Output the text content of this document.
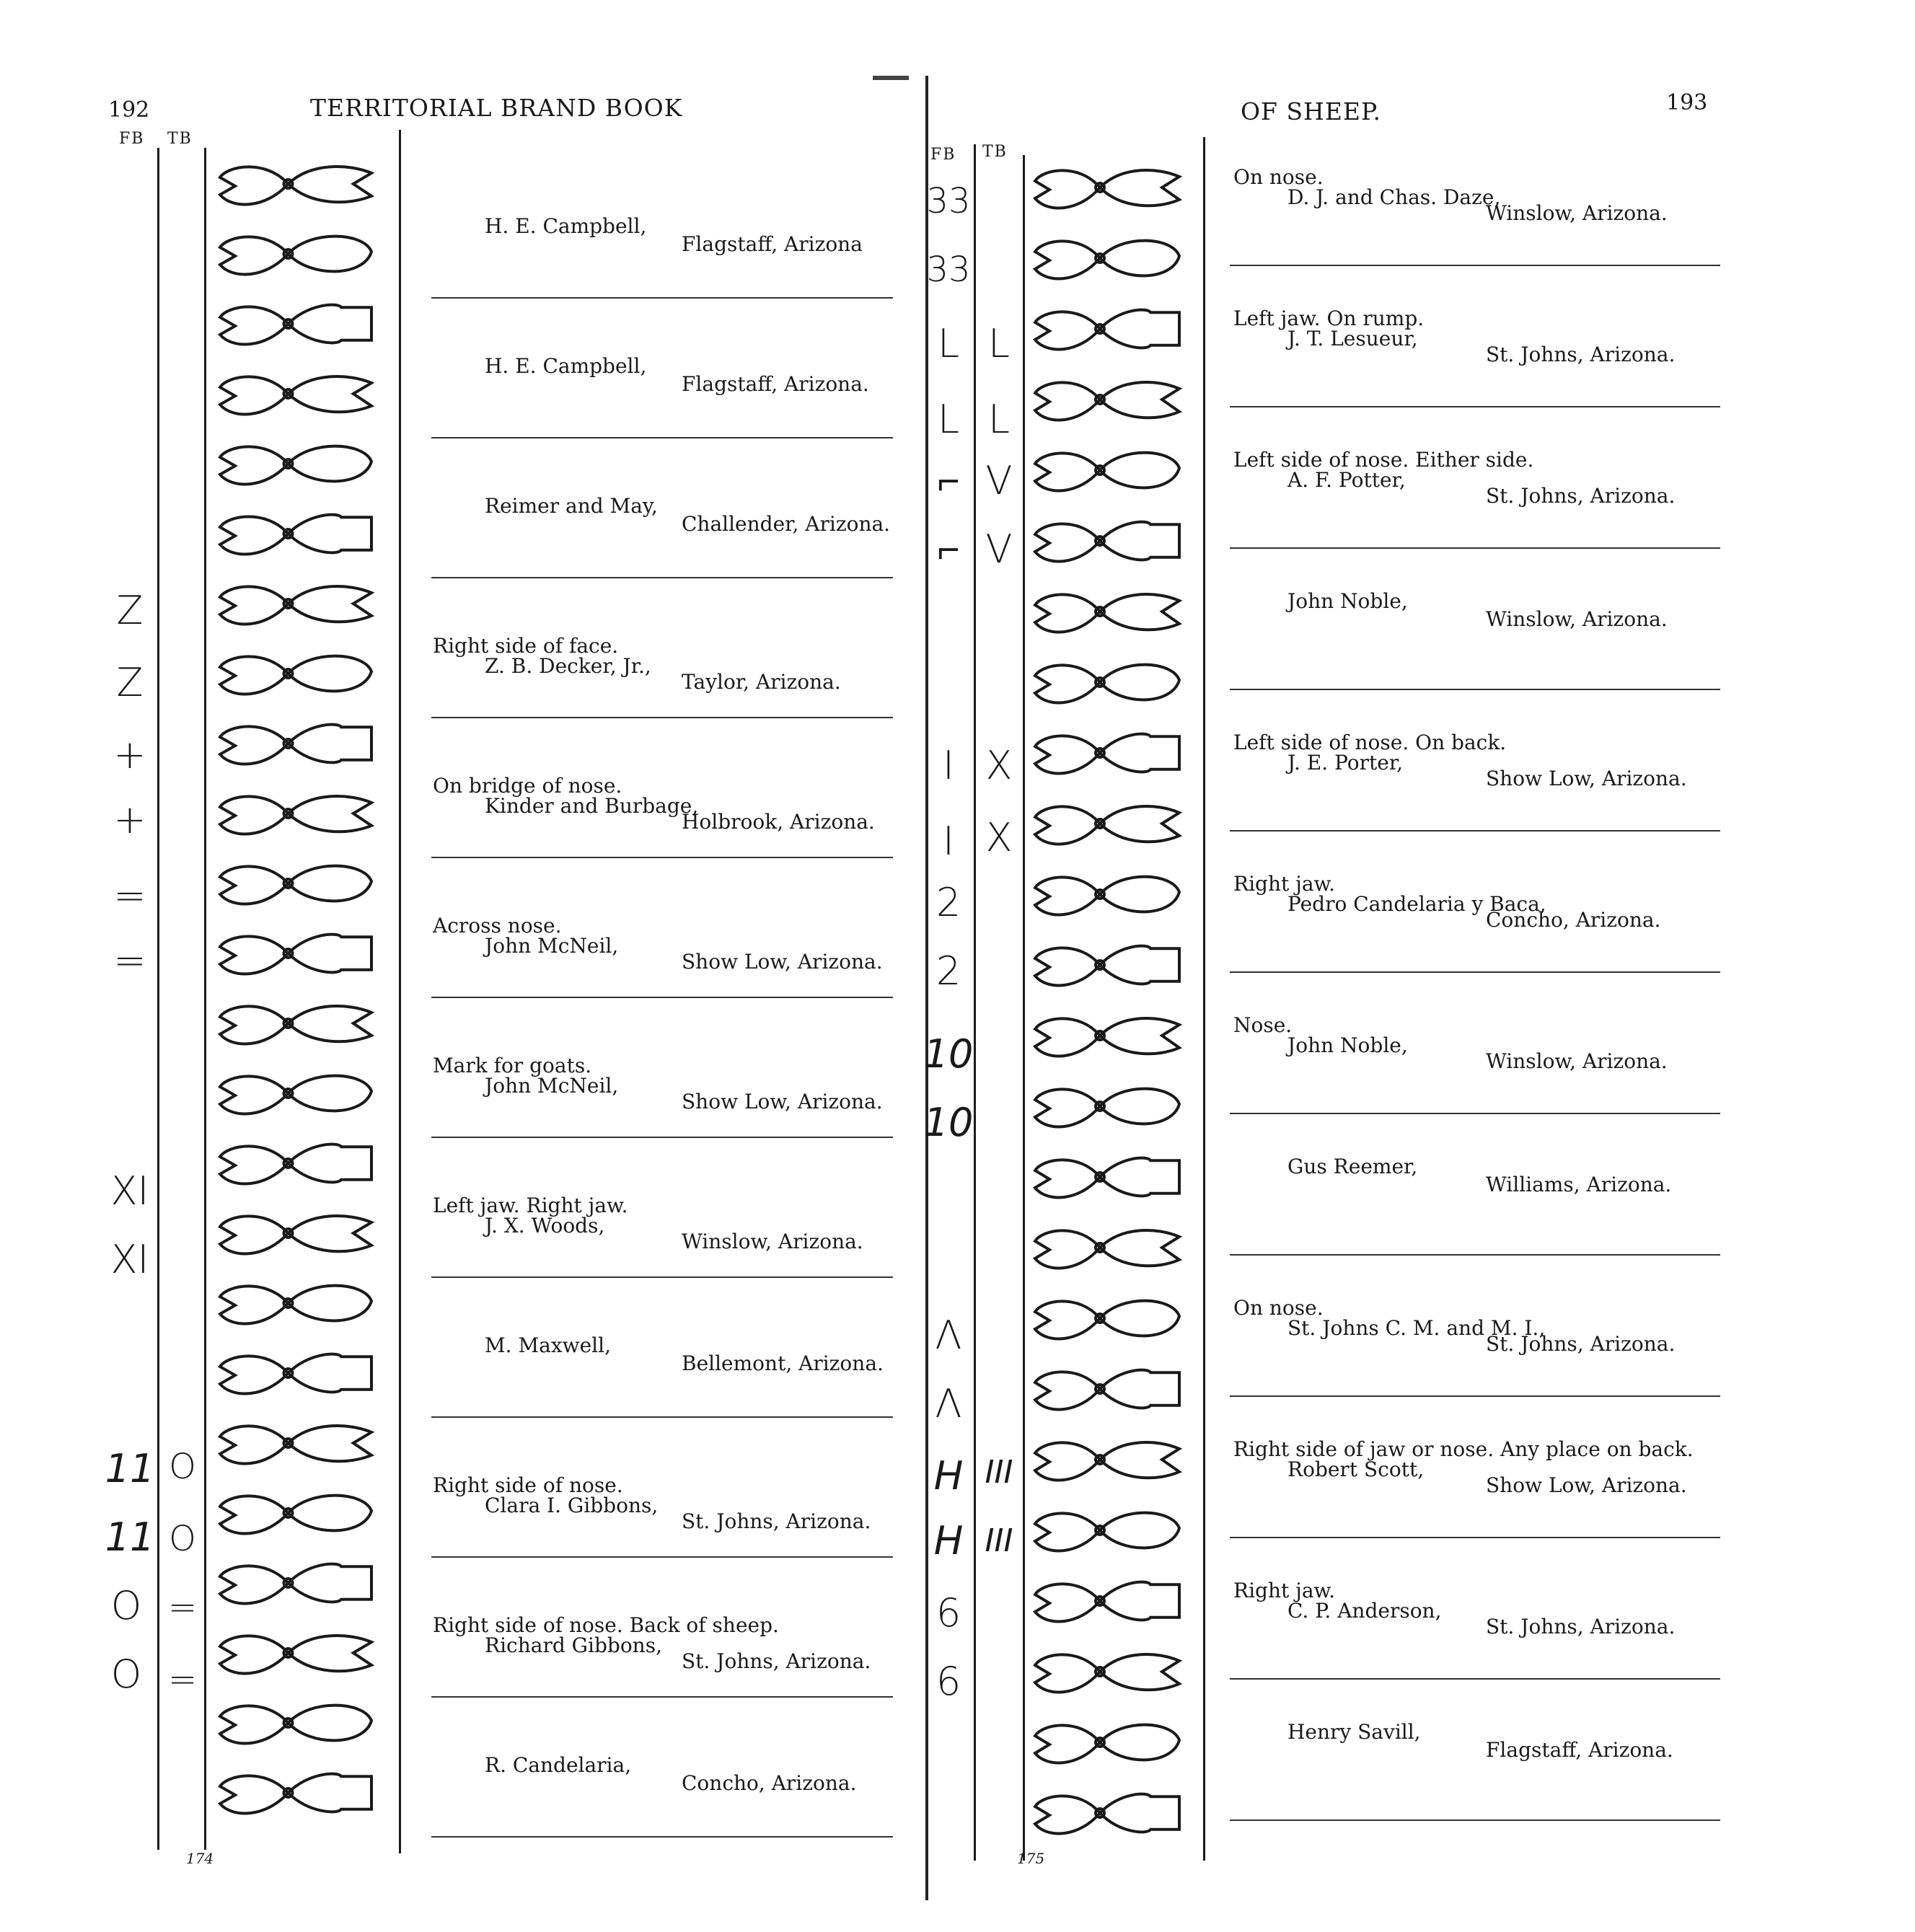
192	TERRITORIAL BRAND BOOK
FB TB
Z
Z
+
+
=
=
XI
XI
11
11
O
O
O
O
=
=
H. E. Campbell,
Flagstaff, Arizona
H. E. Campbell,
Flagstaff, Arizona.
Reimer and May,
Challender, Arizona.
Right side of face.
Z. B. Decker, Jr.,
Taylor, Arizona.
On bridge of nose.
Kinder and Burbage,
Holbrook, Arizona.
Across nose.
John McNeil,
Show Low, Arizona.
Mark for goats.
John McNeil,
Show Low, Arizona.
Left jaw. Right jaw.
J. X. Woods,
Winslow, Arizona.
M. Maxwell,
Bellemont, Arizona.
Right side of nose.
Clara I. Gibbons,
St. Johns, Arizona.
Right side of nose. Back of sheep.
Richard Gibbons,
St. Johns, Arizona.
R. Candelaria,
Concho, Arizona.
174
OF SHEEP.	193
FB TB
33
33
L
L
⌐
⌐
I
I
2
2
10
10
Λ
Λ
H
H
6
6
L
L
V
V
X
X
III
III
On nose.
D. J. and Chas. Daze,
Winslow, Arizona.
Left jaw. On rump.
J. T. Lesueur,
St. Johns, Arizona.
Left side of nose. Either side.
A. F. Potter,
St. Johns, Arizona.
John Noble,
Winslow, Arizona.
Left side of nose. On back.
J. E. Porter,
Show Low, Arizona.
Right jaw.
Pedro Candelaria y Baca,
Concho, Arizona.
Nose.
John Noble,
Winslow, Arizona.
Gus Reemer,
Williams, Arizona.
On nose.
St. Johns C. M. and M. I.,
St. Johns, Arizona.
Right side of jaw or nose. Any place on back.
Robert Scott,
Show Low, Arizona.
Right jaw.
C. P. Anderson,
St. Johns, Arizona.
Henry Savill,
Flagstaff, Arizona.
175
